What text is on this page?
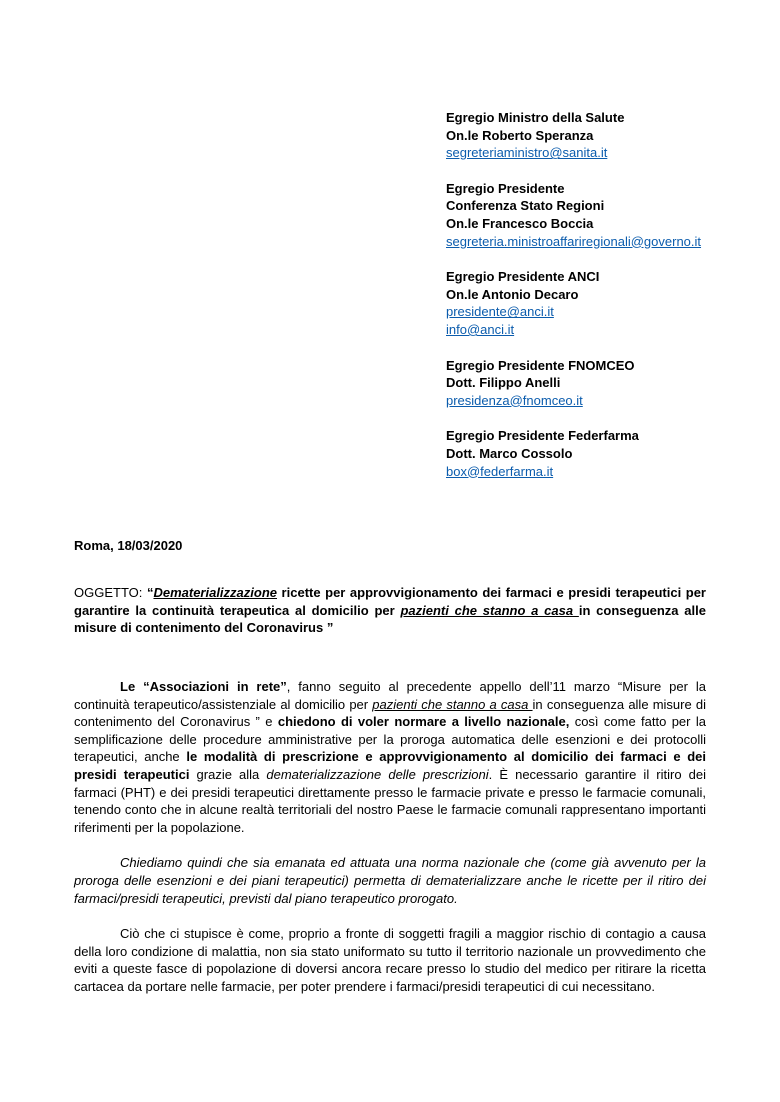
Egregio Ministro della Salute
On.le Roberto Speranza
segreteriaministro@sanita.it
Egregio Presidente
Conferenza Stato Regioni
On.le Francesco Boccia
segreteria.ministroaffariregionali@governo.it
Egregio Presidente ANCI
On.le Antonio Decaro
presidente@anci.it
info@anci.it
Egregio Presidente FNOMCEO
Dott. Filippo Anelli
presidenza@fnomceo.it
Egregio Presidente Federfarma
Dott. Marco Cossolo
box@federfarma.it
Roma, 18/03/2020
OGGETTO: “Dematerializzazione ricette per approvvigionamento dei farmaci e presidi terapeutici per garantire la continuità terapeutica al domicilio per pazienti che stanno a casa in conseguenza alle misure di contenimento del Coronavirus ”

Le “Associazioni in rete”, fanno seguito al precedente appello dell’11 marzo “Misure per la continuità terapeutico/assistenziale al domicilio per pazienti che stanno a casa in conseguenza alle misure di contenimento del Coronavirus ” e chiedono di voler normare a livello nazionale, così come fatto per la semplificazione delle procedure amministrative per la proroga automatica delle esenzioni e dei protocolli terapeutici, anche le modalità di prescrizione e approvvigionamento al domicilio dei farmaci e dei presidi terapeutici grazie alla dematerializzazione delle prescrizioni. È necessario garantire il ritiro dei farmaci (PHT) e dei presidi terapeutici direttamente presso le farmacie private e presso le farmacie comunali, tenendo conto che in alcune realtà territoriali del nostro Paese le farmacie comunali rappresentano importanti riferimenti per la popolazione.

Chiediamo quindi che sia emanata ed attuata una norma nazionale che (come già avvenuto per la proroga delle esenzioni e dei piani terapeutici) permetta di dematerializzare anche le ricette per il ritiro dei farmaci/presidi terapeutici, previsti dal piano terapeutico prorogato.

Ciò che ci stupisce è come, proprio a fronte di soggetti fragili a maggior rischio di contagio a causa della loro condizione di malattia, non sia stato uniformato su tutto il territorio nazionale un provvedimento che eviti a queste fasce di popolazione di doversi ancora recare presso lo studio del medico per ritirare la ricetta cartacea da portare nelle farmacie, per poter prendere i farmaci/presidi terapeutici di cui necessitano.
